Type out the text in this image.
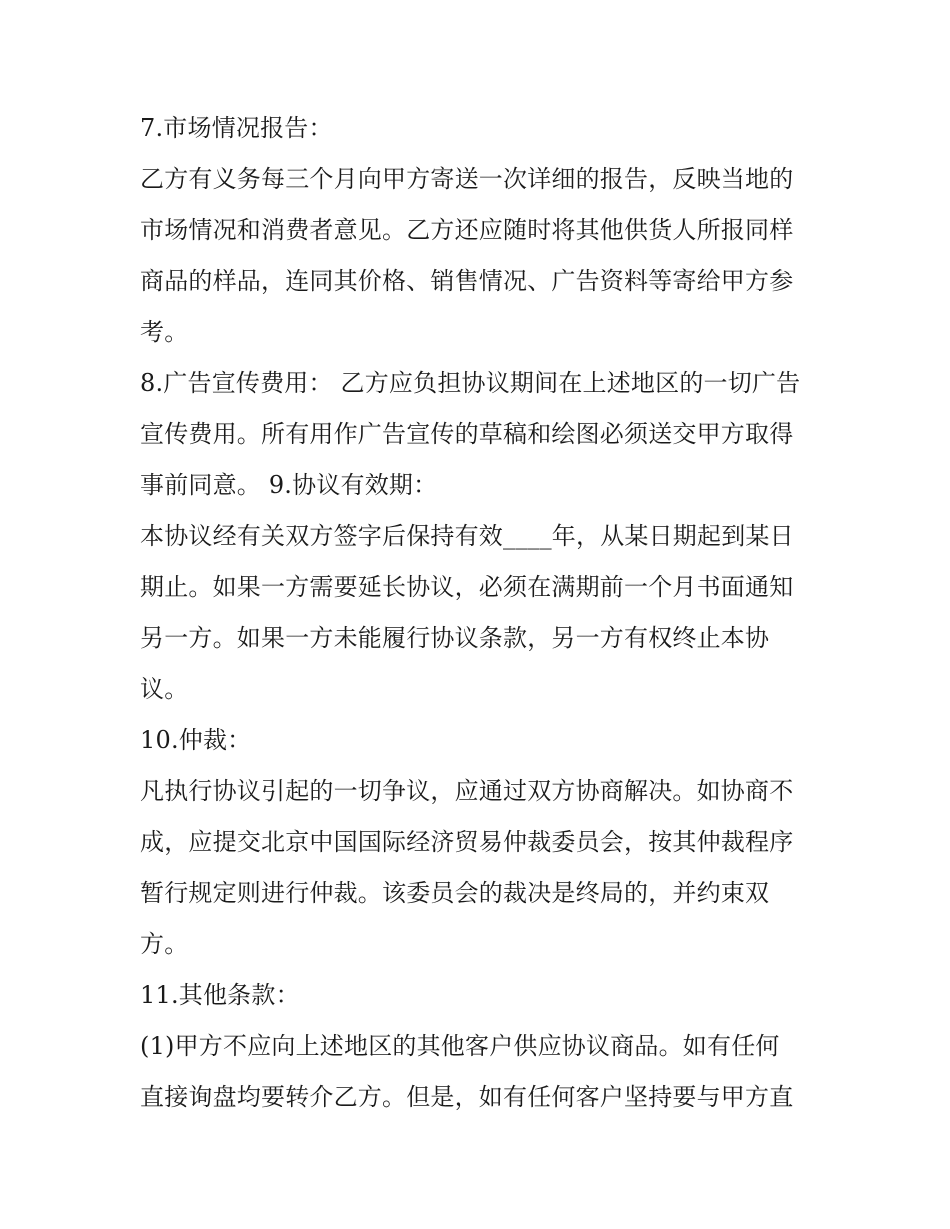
7.市场情况报告：
乙方有义务每三个月向甲方寄送一次详细的报告，反映当地的
市场情况和消费者意见。乙方还应随时将其他供货人所报同样
商品的样品，连同其价格、销售情况、广告资料等寄给甲方参
考。
8.广告宣传费用： 乙方应负担协议期间在上述地区的一切广告
宣传费用。所有用作广告宣传的草稿和绘图必须送交甲方取得
事前同意。 9.协议有效期：
本协议经有关双方签字后保持有效____年，从某日期起到某日
期止。如果一方需要延长协议，必须在满期前一个月书面通知
另一方。如果一方未能履行协议条款，另一方有权终止本协
议。
10.仲裁：
凡执行协议引起的一切争议，应通过双方协商解决。如协商不
成，应提交北京中国国际经济贸易仲裁委员会，按其仲裁程序
暂行规定则进行仲裁。该委员会的裁决是终局的，并约束双
方。
11.其他条款：
(1)甲方不应向上述地区的其他客户供应协议商品。如有任何
直接询盘均要转介乙方。但是，如有任何客户坚持要与甲方直
